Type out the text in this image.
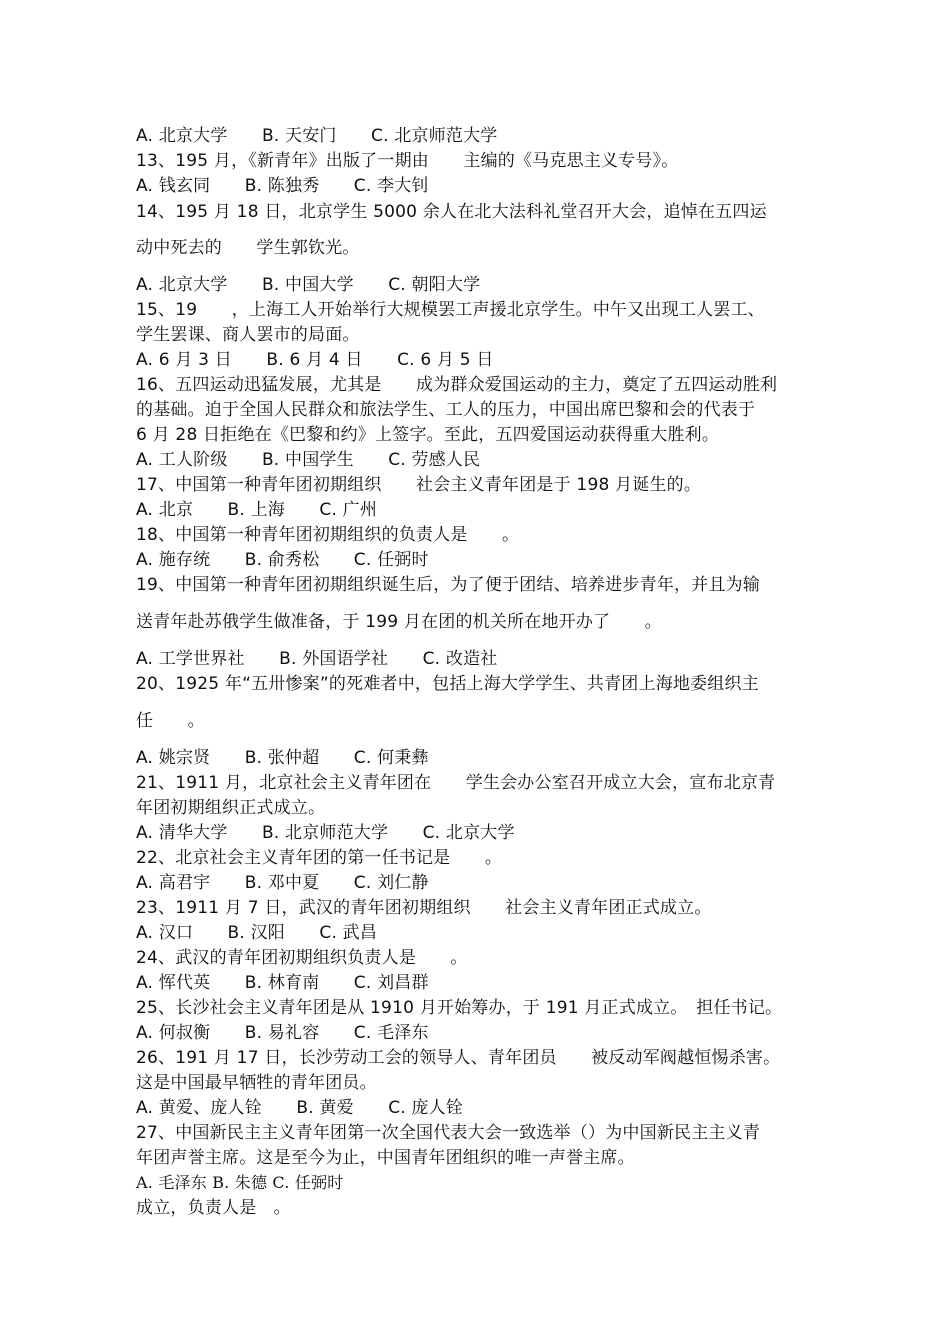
A. 北京大学　　B. 天安门　　C. 北京师范大学
13、195 月，《新青年》出版了一期由　　主编的《马克思主义专号》。
A. 钱玄同　　B. 陈独秀　　C. 李大钊
14、195 月 18 日，北京学生 5000 余人在北大法科礼堂召开大会，追悼在五四运
动中死去的　　学生郭钦光。
A. 北京大学　　B. 中国大学　　C. 朝阳大学
15、19　　，上海工人开始举行大规模罢工声援北京学生。中午又出现工人罢工、
学生罢课、商人罢市的局面。
A. 6 月 3 日　　B. 6 月 4 日　　C. 6 月 5 日
16、五四运动迅猛发展，尤其是　　成为群众爱国运动的主力，奠定了五四运动胜利
的基础。迫于全国人民群众和旅法学生、工人的压力，中国出席巴黎和会的代表于
6 月 28 日拒绝在《巴黎和约》上签字。至此，五四爱国运动获得重大胜利。
A. 工人阶级　　B. 中国学生　　C. 劳感人民
17、中国第一种青年团初期组织　　社会主义青年团是于 198 月诞生的。
A. 北京　　B. 上海　　C. 广州
18、中国第一种青年团初期组织的负责人是　　。
A. 施存统　　B. 俞秀松　　C. 任弼时
19、中国第一种青年团初期组织诞生后，为了便于团结、培养进步青年，并且为输
送青年赴苏俄学生做准备，于 199 月在团的机关所在地开办了　　。
A. 工学世界社　　B. 外国语学社　　C. 改造社
20、1925 年“五卅惨案”的死难者中，包括上海大学学生、共青团上海地委组织主
任　　。
A. 姚宗贤　　B. 张仲超　　C. 何秉彝
21、1911 月，北京社会主义青年团在　　学生会办公室召开成立大会，宣布北京青
年团初期组织正式成立。
A. 清华大学　　B. 北京师范大学　　C. 北京大学
22、北京社会主义青年团的第一任书记是　　。
A. 高君宇　　B. 邓中夏　　C. 刘仁静
23、1911 月 7 日，武汉的青年团初期组织　　社会主义青年团正式成立。
A. 汉口　　B. 汉阳　　C. 武昌
24、武汉的青年团初期组织负责人是　　。
A. 恽代英　　B. 林育南　　C. 刘昌群
25、长沙社会主义青年团是从 1910 月开始筹办，于 191 月正式成立。　担任书记。
A. 何叔衡　　B. 易礼容　　C. 毛泽东
26、191 月 17 日，长沙劳动工会的领导人、青年团员　　被反动军阀越恒惕杀害。
这是中国最早牺牲的青年团员。
A. 黄爱、庞人铨　　B. 黄爱　　C. 庞人铨
27、中国新民主主义青年团第一次全国代表大会一致选举（）为中国新民主主义青
年团声誉主席。这是至今为止，中国青年团组织的唯一声誉主席。
A. 毛泽东 B. 朱德 C. 任弼时
成立，负责人是　。
